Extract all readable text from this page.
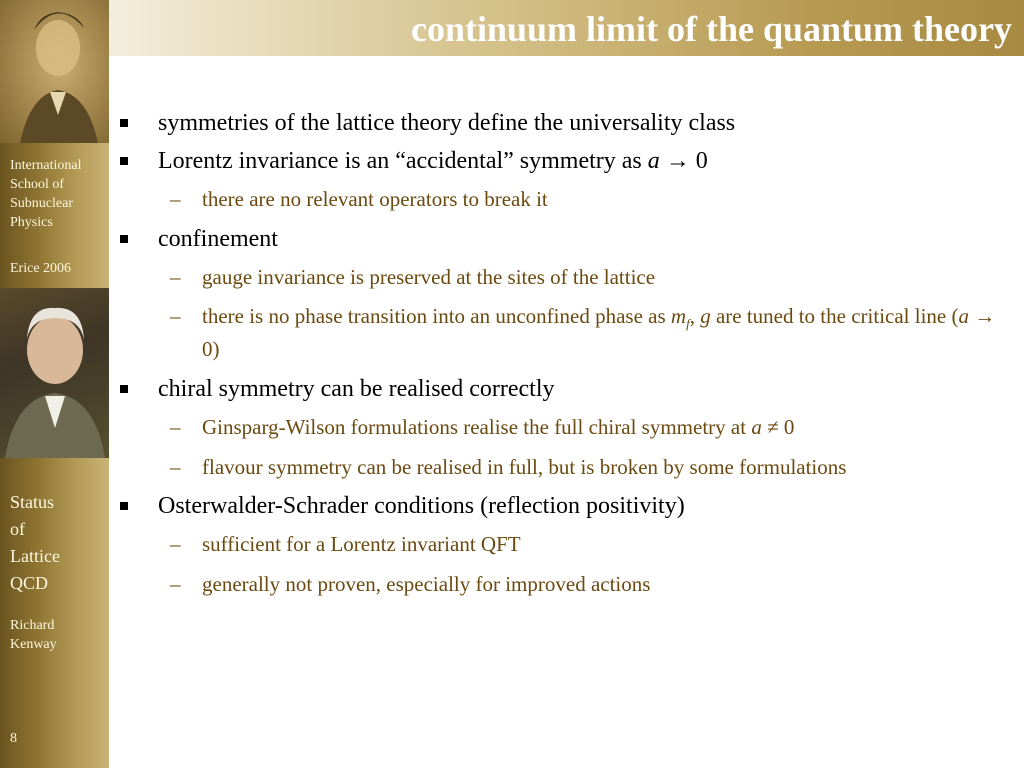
International
School of
Subnuclear
Physics
Erice 2006
Status
of
Lattice
QCD
Richard
Kenway
8
continuum limit of the quantum theory
symmetries of the lattice theory define the universality class
Lorentz invariance is an “accidental” symmetry as a → 0
– there are no relevant operators to break it
confinement
– gauge invariance is preserved at the sites of the lattice
– there is no phase transition into an unconfined phase as $m_f$, g are tuned to the critical line (a → 0)
chiral symmetry can be realised correctly
– Ginsparg-Wilson formulations realise the full chiral symmetry at a ≠ 0
– flavour symmetry can be realised in full, but is broken by some formulations
Osterwalder-Schrader conditions (reflection positivity)
– sufficient for a Lorentz invariant QFT
– generally not proven, especially for improved actions
